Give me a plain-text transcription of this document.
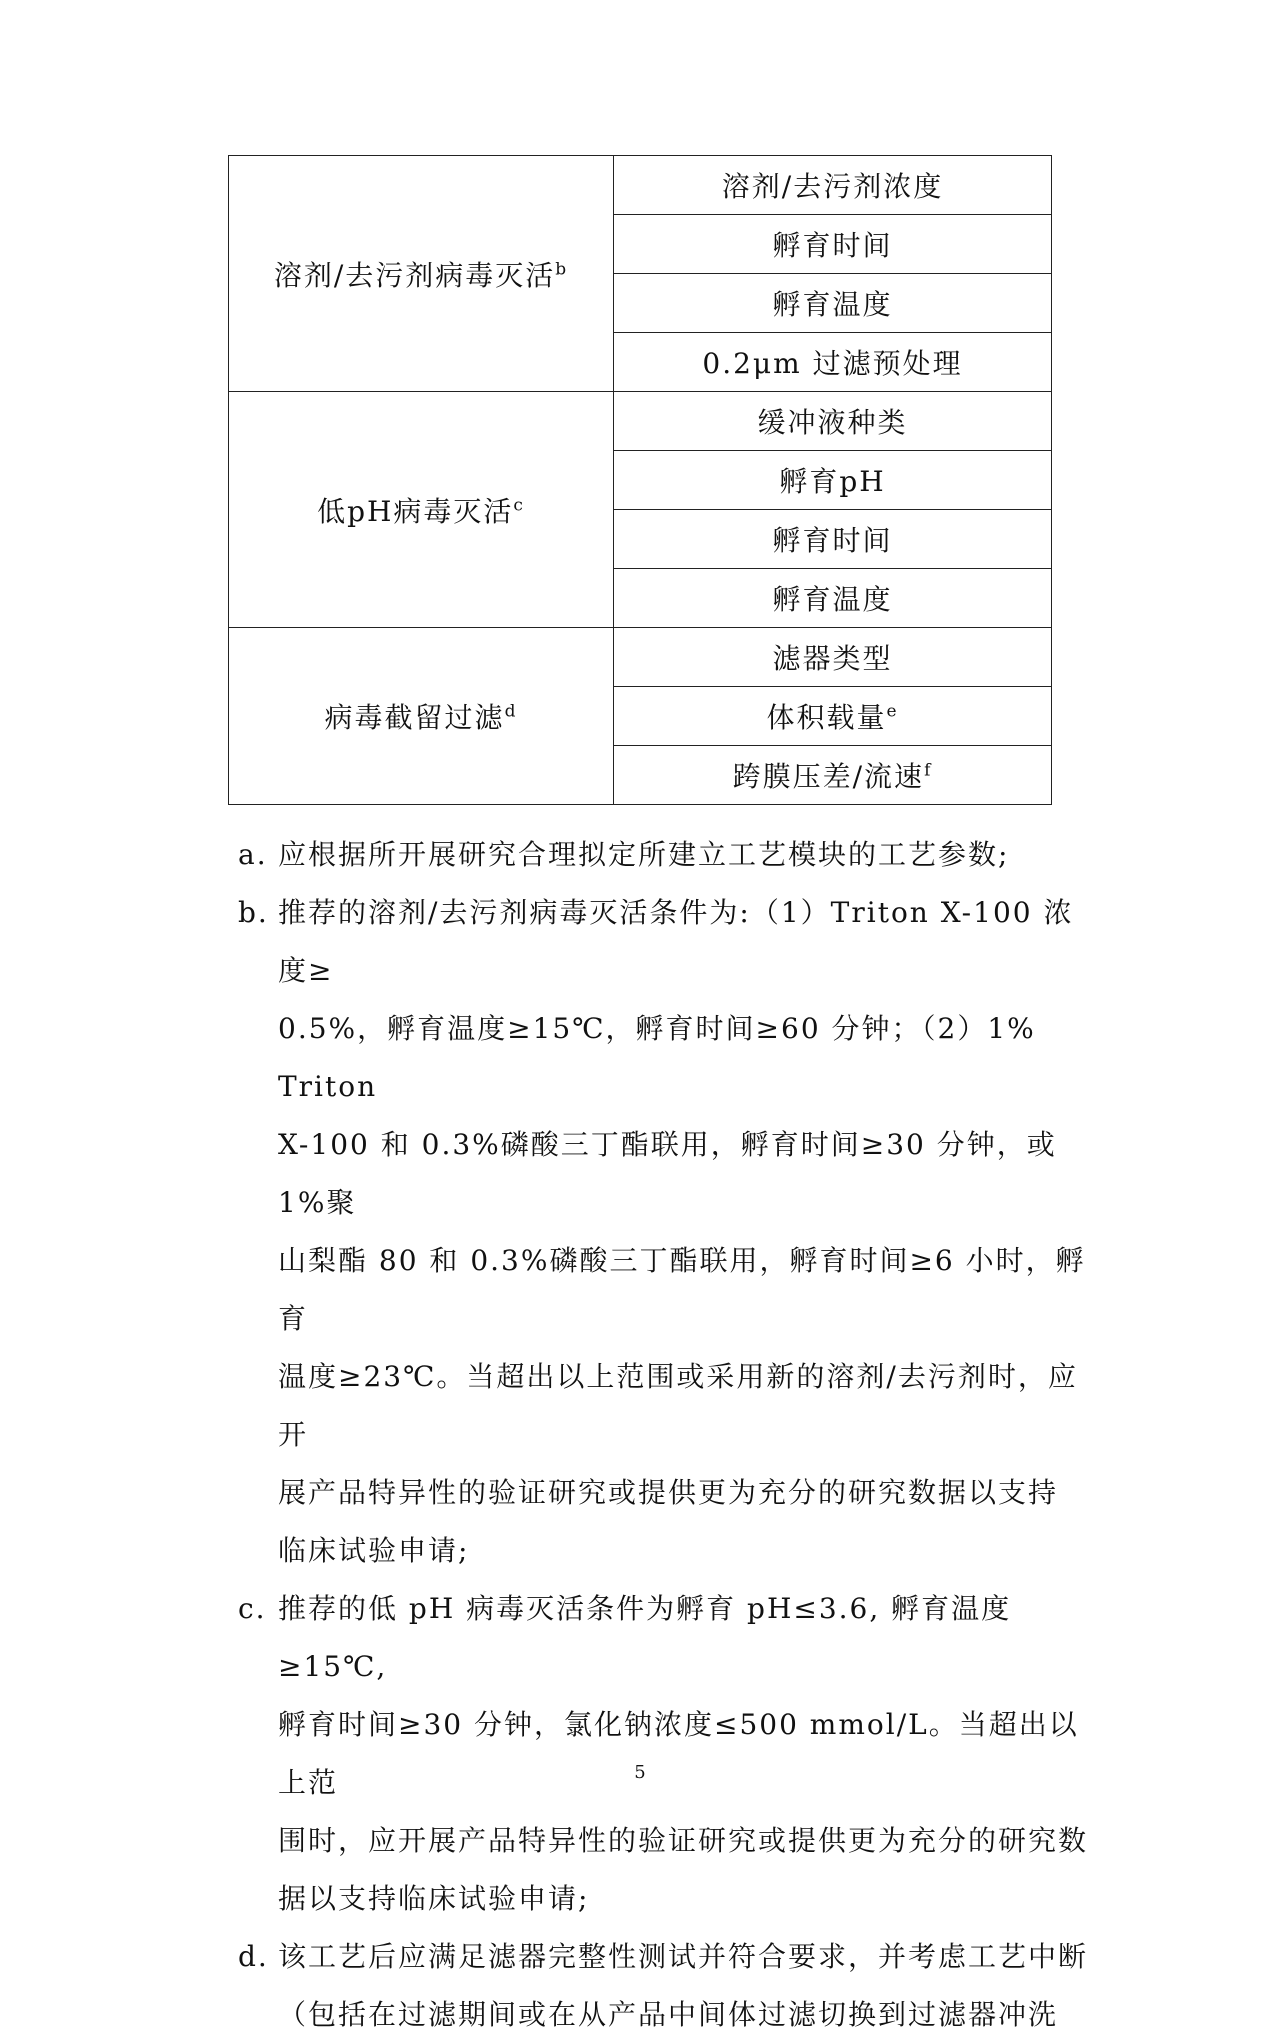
溶剂/去污剂病毒灭活$^b$	溶剂/去污剂浓度
	孵育时间
	孵育温度
	0.2μm 过滤预处理
低pH病毒灭活$^c$	缓冲液种类
	孵育pH
	孵育时间
	孵育温度
病毒截留过滤$^d$	滤器类型
	体积载量$^e$
	跨膜压差/流速$^f$
a. 应根据所开展研究合理拟定所建立工艺模块的工艺参数;
b. 推荐的溶剂/去污剂病毒灭活条件为:（1）Triton X-100 浓度≥
0.5%，孵育温度≥15℃，孵育时间≥60 分钟；（2）1% Triton
X-100 和 0.3%磷酸三丁酯联用，孵育时间≥30 分钟，或 1%聚
山梨酯 80 和 0.3%磷酸三丁酯联用，孵育时间≥6 小时，孵育
温度≥23℃。当超出以上范围或采用新的溶剂/去污剂时，应开
展产品特异性的验证研究或提供更为充分的研究数据以支持
临床试验申请;
c. 推荐的低 pH 病毒灭活条件为孵育 pH≤3.6, 孵育温度≥15℃,
孵育时间≥30 分钟，氯化钠浓度≤500 mmol/L。当超出以上范
围时，应开展产品特异性的验证研究或提供更为充分的研究数
据以支持临床试验申请;
d. 该工艺后应满足滤器完整性测试并符合要求，并考虑工艺中断
（包括在过滤期间或在从产品中间体过滤切换到过滤器冲洗
5
